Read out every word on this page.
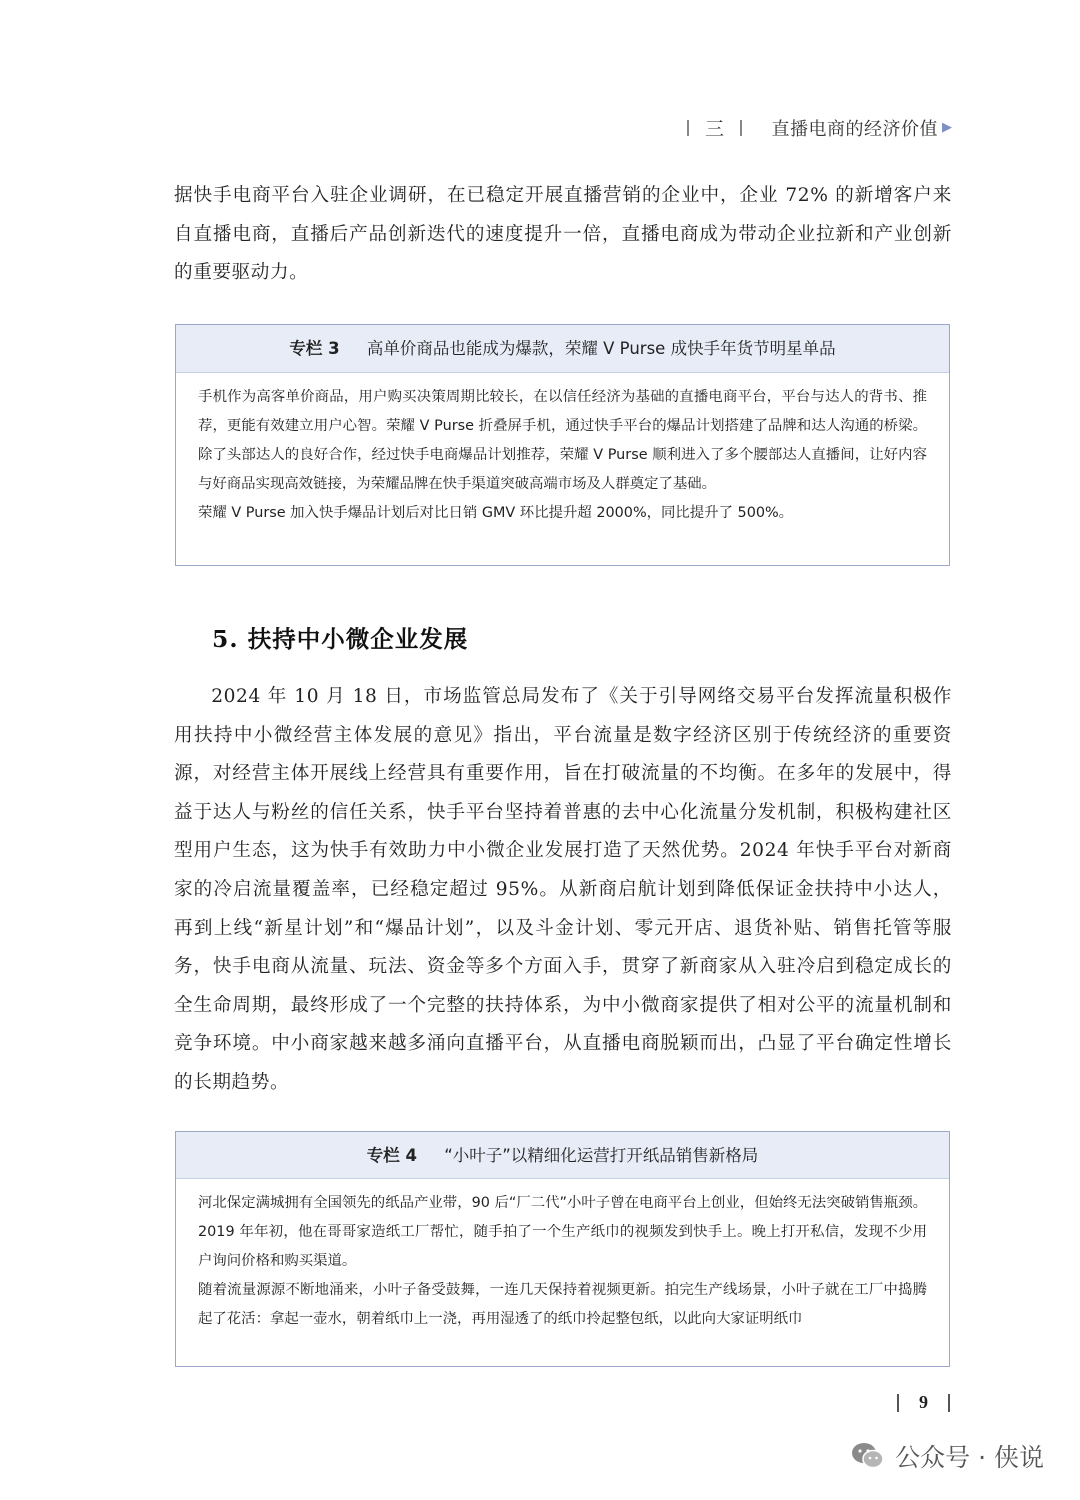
三	直播电商的经济价值 ▶

据快手电商平台入驻企业调研，在已稳定开展直播营销的企业中，企业 72% 的新增客户来自直播电商，直播后产品创新迭代的速度提升一倍，直播电商成为带动企业拉新和产业创新的重要驱动力。

专栏 3 高单价商品也能成为爆款，荣耀 V Purse 成快手年货节明星单品

手机作为高客单价商品，用户购买决策周期比较长，在以信任经济为基础的直播电商平台，平台与达人的背书、推荐，更能有效建立用户心智。荣耀 V Purse 折叠屏手机，通过快手平台的爆品计划搭建了品牌和达人沟通的桥梁。除了头部达人的良好合作，经过快手电商爆品计划推荐，荣耀 V Purse 顺利进入了多个腰部达人直播间，让好内容与好商品实现高效链接，为荣耀品牌在快手渠道突破高端市场及人群奠定了基础。

荣耀 V Purse 加入快手爆品计划后对比日销 GMV 环比提升超 2000%，同比提升了 500%。

5. 扶持中小微企业发展

2024 年 10 月 18 日，市场监管总局发布了《关于引导网络交易平台发挥流量积极作用扶持中小微经营主体发展的意见》指出，平台流量是数字经济区别于传统经济的重要资源，对经营主体开展线上经营具有重要作用，旨在打破流量的不均衡。在多年的发展中，得益于达人与粉丝的信任关系，快手平台坚持着普惠的去中心化流量分发机制，积极构建社区型用户生态，这为快手有效助力中小微企业发展打造了天然优势。2024 年快手平台对新商家的冷启流量覆盖率，已经稳定超过 95%。从新商启航计划到降低保证金扶持中小达人，再到上线“新星计划”和“爆品计划”，以及斗金计划、零元开店、退货补贴、销售托管等服务，快手电商从流量、玩法、资金等多个方面入手，贯穿了新商家从入驻冷启到稳定成长的全生命周期，最终形成了一个完整的扶持体系，为中小微商家提供了相对公平的流量机制和竞争环境。中小商家越来越多涌向直播平台，从直播电商脱颖而出，凸显了平台确定性增长的长期趋势。

专栏 4 “小叶子”以精细化运营打开纸品销售新格局

河北保定满城拥有全国领先的纸品产业带，90 后“厂二代”小叶子曾在电商平台上创业，但始终无法突破销售瓶颈。2019 年年初，他在哥哥家造纸工厂帮忙，随手拍了一个生产纸巾的视频发到快手上。晚上打开私信，发现不少用户询问价格和购买渠道。

随着流量源源不断地涌来，小叶子备受鼓舞，一连几天保持着视频更新。拍完生产线场景，小叶子就在工厂中捣腾起了花活：拿起一壶水，朝着纸巾上一浇，再用湿透了的纸巾拎起整包纸，以此向大家证明纸巾

9
公众号 · 侠说
